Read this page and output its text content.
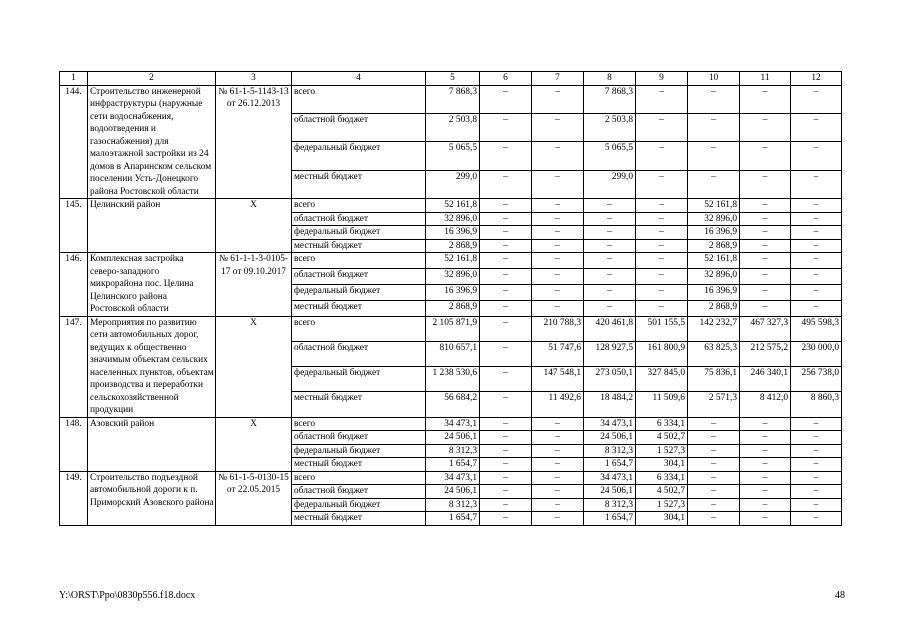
1	2	3	4	5	6	7	8	9	10	11	12
144.	Строительство инженерной инфраструктуры (наружные сети водоснабжения, водоотведения и газоснабжения) для малоэтажной застройки из 24 домов в Апаринском сельском поселении Усть-Донецкого района Ростовской области	№ 61-1-5-1143-13 от 26.12.2013	всего	7 868,3	–	–	7 868,3	–	–	–	–
			областной бюджет	2 503,8	–	–	2 503,8	–	–	–	–
			федеральный бюджет	5 065,5	–	–	5 065,5	–	–	–	–
			местный бюджет	299,0	–	–	299,0	–	–	–	–
145.	Целинский район	Х	всего	52 161,8	–	–	–	–	52 161,8	–	–
			областной бюджет	32 896,0	–	–	–	–	32 896,0	–	–
			федеральный бюджет	16 396,9	–	–	–	–	16 396,9	–	–
			местный бюджет	2 868,9	–	–	–	–	2 868,9	–	–
146.	Комплексная застройка северо-западного микрорайона пос. Целина Целинского района Ростовской области	№ 61-1-1-3-0105-17 от 09.10.2017	всего	52 161,8	–	–	–	–	52 161,8	–	–
			областной бюджет	32 896,0	–	–	–	–	32 896,0	–	–
			федеральный бюджет	16 396,9	–	–	–	–	16 396,9	–	–
			местный бюджет	2 868,9	–	–	–	–	2 868,9	–	–
147.	Мероприятия по развитию сети автомобильных дорог, ведущих к общественно значимым объектам сельских населенных пунктов, объектам производства и переработки сельскохозяйственной продукции	Х	всего	2 105 871,9	–	210 788,3	420 461,8	501 155,5	142 232,7	467 327,3	495 598,3
			областной бюджет	810 657,1	–	51 747,6	128 927,5	161 800,9	63 825,3	212 575,2	230 000,0
			федеральный бюджет	1 238 530,6	–	147 548,1	273 050,1	327 845,0	75 836,1	246 340,1	256 738,0
			местный бюджет	56 684,2	–	11 492,6	18 484,2	11 509,6	2 571,3	8 412,0	8 860,3
148.	Азовский район	Х	всего	34 473,1	–	–	34 473,1	6 334,1	–	–	–
			областной бюджет	24 506,1	–	–	24 506,1	4 502,7	–	–	–
			федеральный бюджет	8 312,3	–	–	8 312,3	1 527,3	–	–	–
			местный бюджет	1 654,7	–	–	1 654,7	304,1	–	–	–
149.	Строительство подъездной автомобильной дороги к п. Приморский Азовского района	№ 61-1-5-0130-15 от 22.05.2015	всего	34 473,1	–	–	34 473,1	6 334,1	–	–	–
			областной бюджет	24 506,1	–	–	24 506,1	4 502,7	–	–	–
			федеральный бюджет	8 312,3	–	–	8 312,3	1 527,3	–	–	–
			местный бюджет	1 654,7	–	–	1 654,7	304,1	–	–	–
Y:\ORST\Ppo\0830p556.f18.docx	48
